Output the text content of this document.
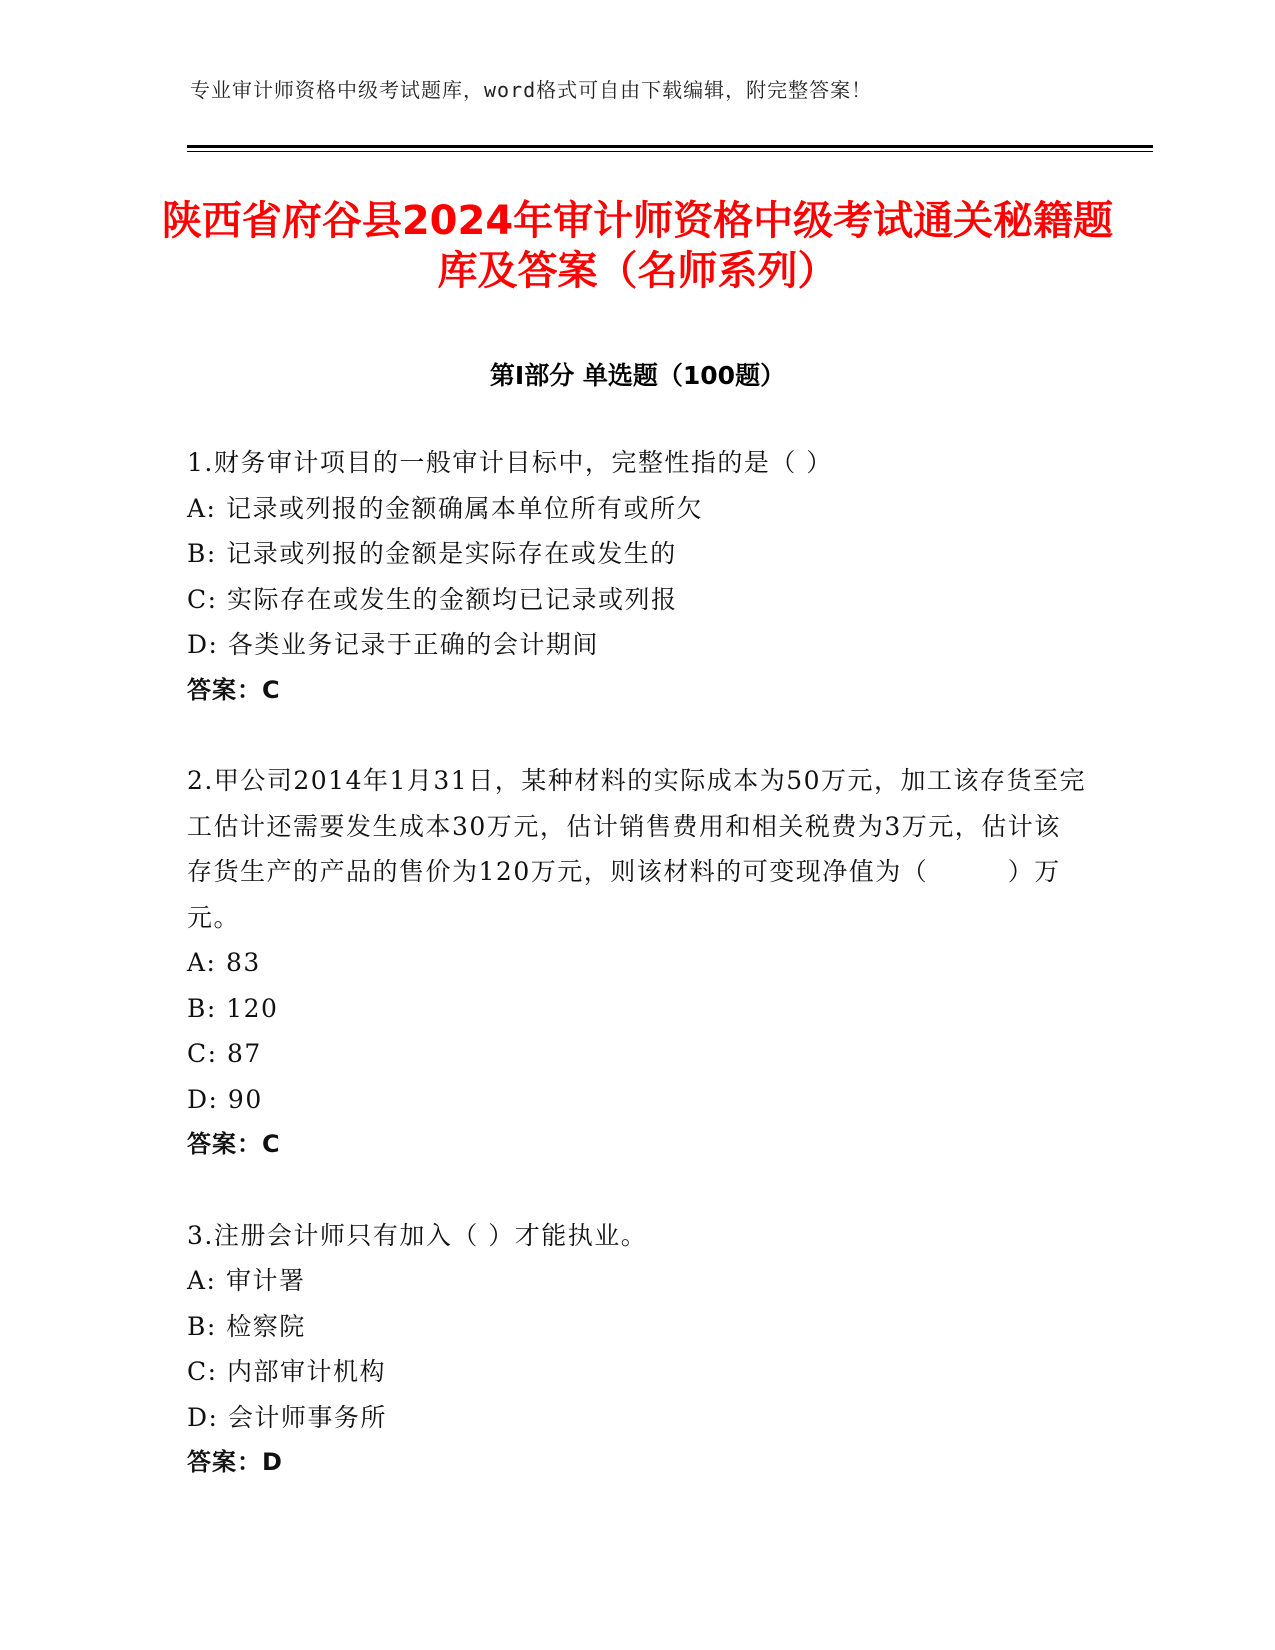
专业审计师资格中级考试题库，word格式可自由下载编辑，附完整答案！
陕西省府谷县2024年审计师资格中级考试通关秘籍题库及答案（名师系列）
第Ⅰ部分 单选题（100题）

1.财务审计项目的一般审计目标中，完整性指的是（ ）

A: 记录或列报的金额确属本单位所有或所欠

B: 记录或列报的金额是实际存在或发生的

C: 实际存在或发生的金额均已记录或列报

D: 各类业务记录于正确的会计期间

答案：C

2.甲公司2014年1月31日，某种材料的实际成本为50万元，加工该存货至完工估计还需要发生成本30万元，估计销售费用和相关税费为3万元，估计该存货生产的产品的售价为120万元，则该材料的可变现净值为（　　　）万元。

A: 83

B: 120

C: 87

D: 90

答案：C

3.注册会计师只有加入（ ）才能执业。

A: 审计署

B: 检察院

C: 内部审计机构

D: 会计师事务所

答案：D
